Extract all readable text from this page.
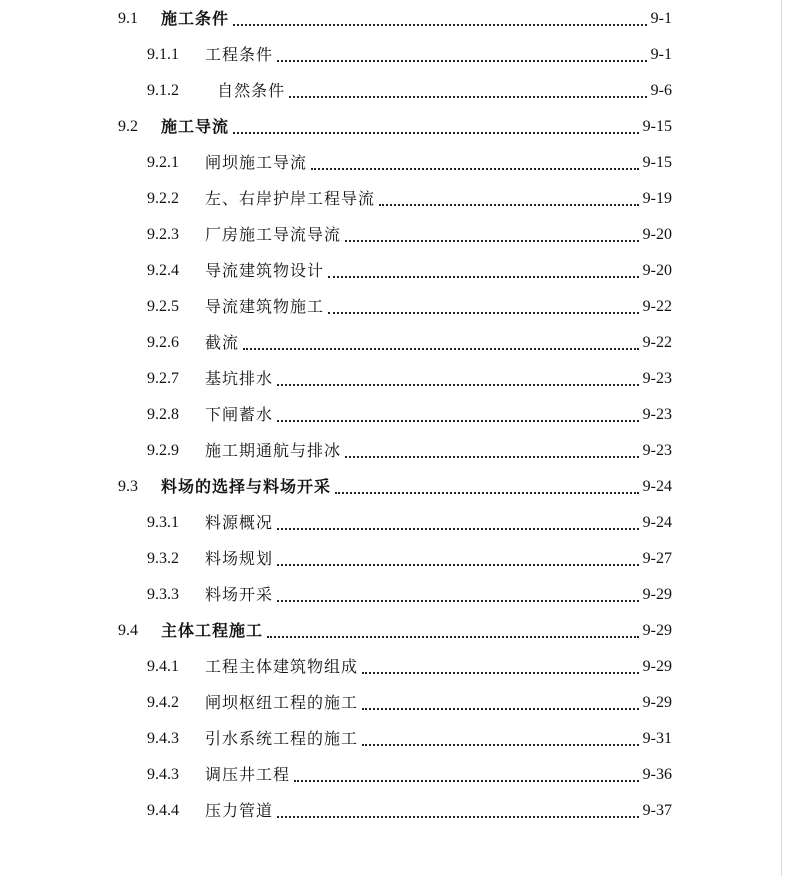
9.1	施工条件	9-1
9.1.1	工程条件	9-1
9.1.2	自然条件	9-6
9.2	施工导流	9-15
9.2.1	闸坝施工导流	9-15
9.2.2	左、右岸护岸工程导流	9-19
9.2.3	厂房施工导流导流	9-20
9.2.4	导流建筑物设计	9-20
9.2.5	导流建筑物施工	9-22
9.2.6	截流	9-22
9.2.7	基坑排水	9-23
9.2.8	下闸蓄水	9-23
9.2.9	施工期通航与排冰	9-23
9.3	料场的选择与料场开采	9-24
9.3.1	料源概况	9-24
9.3.2	料场规划	9-27
9.3.3	料场开采	9-29
9.4	主体工程施工	9-29
9.4.1	工程主体建筑物组成	9-29
9.4.2	闸坝枢纽工程的施工	9-29
9.4.3	引水系统工程的施工	9-31
9.4.3	调压井工程	9-36
9.4.4	压力管道	9-37
